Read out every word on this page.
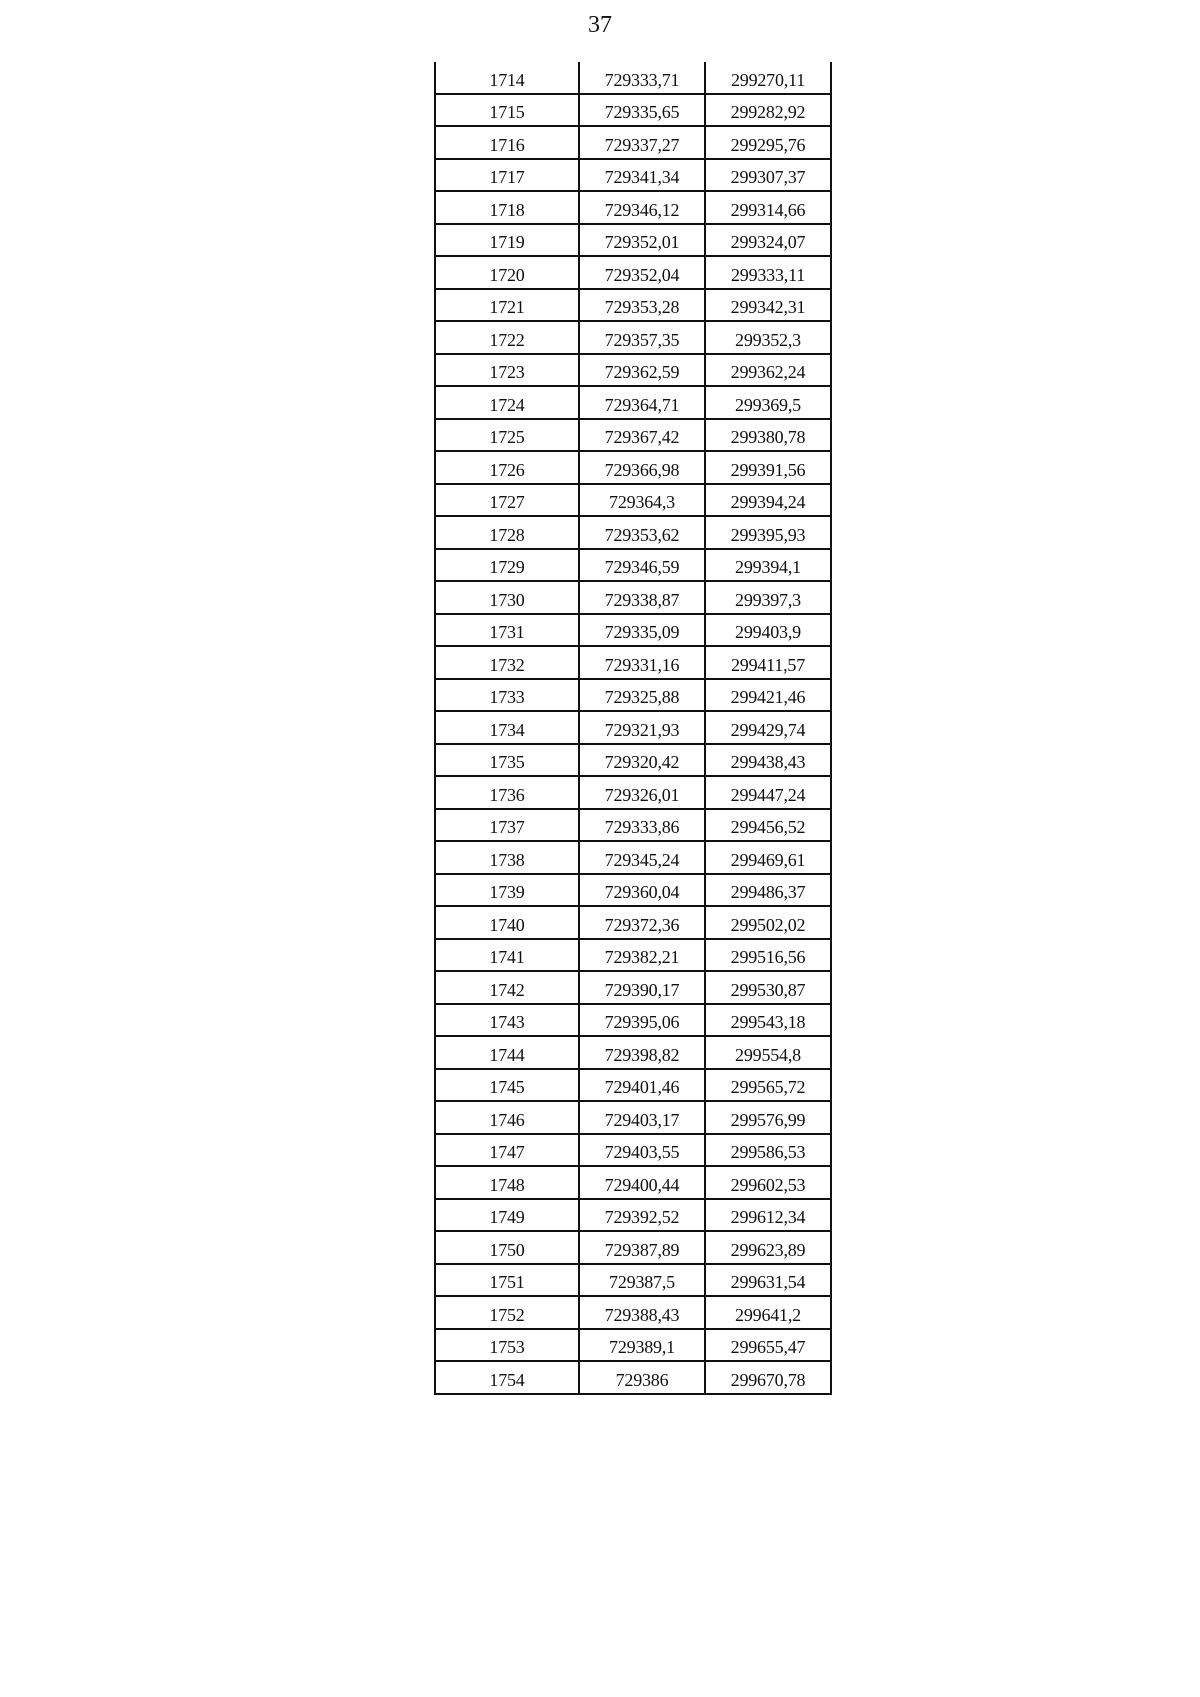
37
1714	729333,71	299270,11
1715	729335,65	299282,92
1716	729337,27	299295,76
1717	729341,34	299307,37
1718	729346,12	299314,66
1719	729352,01	299324,07
1720	729352,04	299333,11
1721	729353,28	299342,31
1722	729357,35	299352,3
1723	729362,59	299362,24
1724	729364,71	299369,5
1725	729367,42	299380,78
1726	729366,98	299391,56
1727	729364,3	299394,24
1728	729353,62	299395,93
1729	729346,59	299394,1
1730	729338,87	299397,3
1731	729335,09	299403,9
1732	729331,16	299411,57
1733	729325,88	299421,46
1734	729321,93	299429,74
1735	729320,42	299438,43
1736	729326,01	299447,24
1737	729333,86	299456,52
1738	729345,24	299469,61
1739	729360,04	299486,37
1740	729372,36	299502,02
1741	729382,21	299516,56
1742	729390,17	299530,87
1743	729395,06	299543,18
1744	729398,82	299554,8
1745	729401,46	299565,72
1746	729403,17	299576,99
1747	729403,55	299586,53
1748	729400,44	299602,53
1749	729392,52	299612,34
1750	729387,89	299623,89
1751	729387,5	299631,54
1752	729388,43	299641,2
1753	729389,1	299655,47
1754	729386	299670,78
